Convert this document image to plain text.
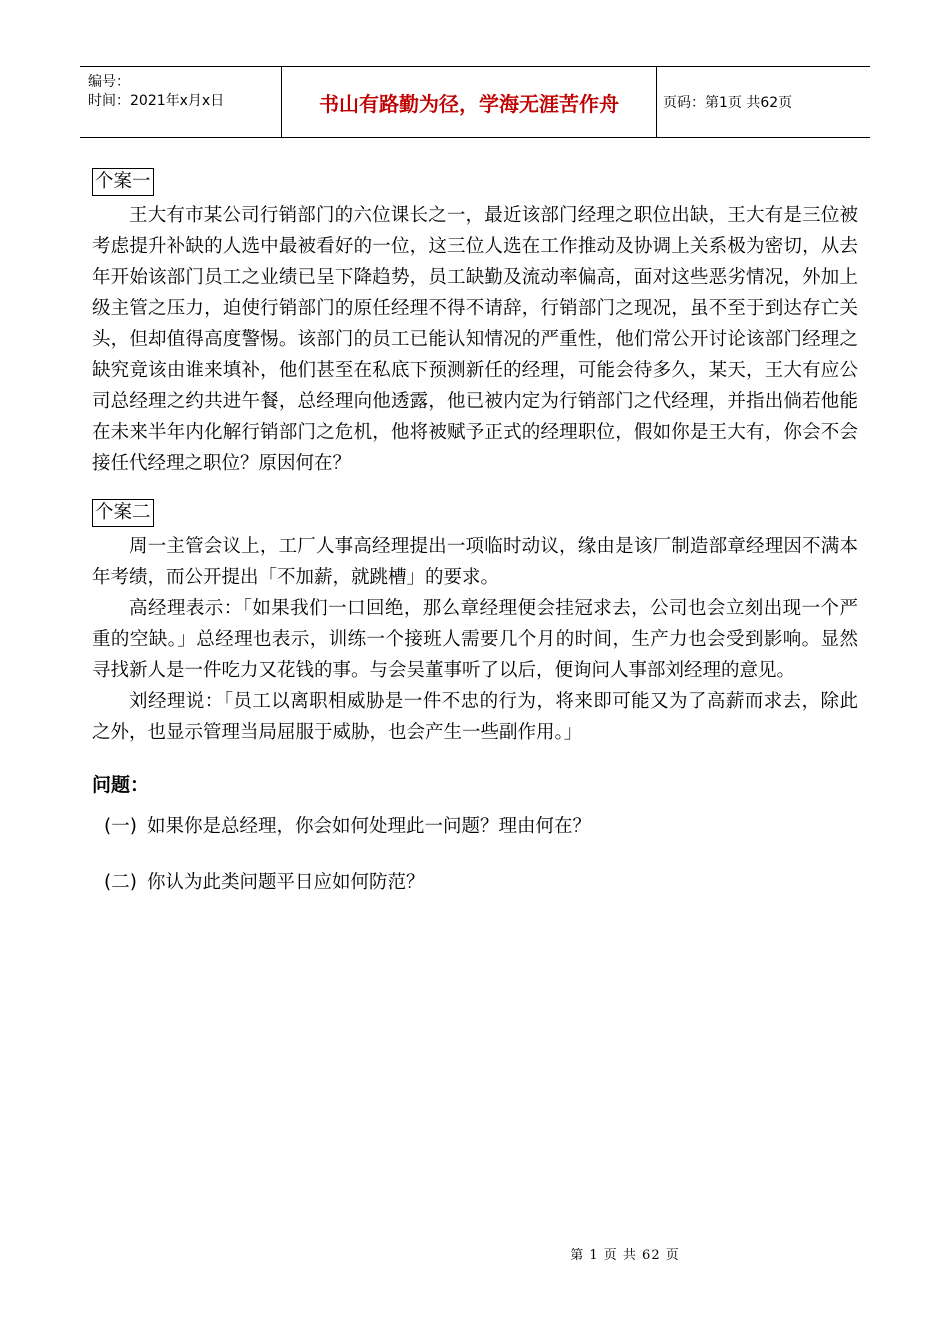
编号：
时间：2021年x月x日	书山有路勤为径，学海无涯苦作舟	页码：第1页 共62页
个案一

王大有市某公司行销部门的六位课长之一，最近该部门经理之职位出缺，王大有是三位被考虑提升补缺的人选中最被看好的一位，这三位人选在工作推动及协调上关系极为密切，从去年开始该部门员工之业绩已呈下降趋势，员工缺勤及流动率偏高，面对这些恶劣情况，外加上级主管之压力，迫使行销部门的原任经理不得不请辞，行销部门之现况，虽不至于到达存亡关头，但却值得高度警惕。该部门的员工已能认知情况的严重性，他们常公开讨论该部门经理之缺究竟该由谁来填补，他们甚至在私底下预测新任的经理，可能会待多久，某天，王大有应公司总经理之约共进午餐，总经理向他透露，他已被内定为行销部门之代经理，并指出倘若他能在未来半年内化解行销部门之危机，他将被赋予正式的经理职位，假如你是王大有，你会不会接任代经理之职位？原因何在？

个案二

周一主管会议上，工厂人事高经理提出一项临时动议，缘由是该厂制造部章经理因不满本年考绩，而公开提出「不加薪，就跳槽」的要求。

高经理表示：「如果我们一口回绝，那么章经理便会挂冠求去，公司也会立刻出现一个严重的空缺。」总经理也表示，训练一个接班人需要几个月的时间，生产力也会受到影响。显然寻找新人是一件吃力又花钱的事。与会吴董事听了以后，便询问人事部刘经理的意见。

刘经理说：「员工以离职相威胁是一件不忠的行为，将来即可能又为了高薪而求去，除此之外，也显示管理当局屈服于威胁，也会产生一些副作用。」

问题：
(一) 如果你是总经理，你会如何处理此一问题？理由何在？
(二) 你认为此类问题平日应如何防范？
第 1 页 共 62 页
